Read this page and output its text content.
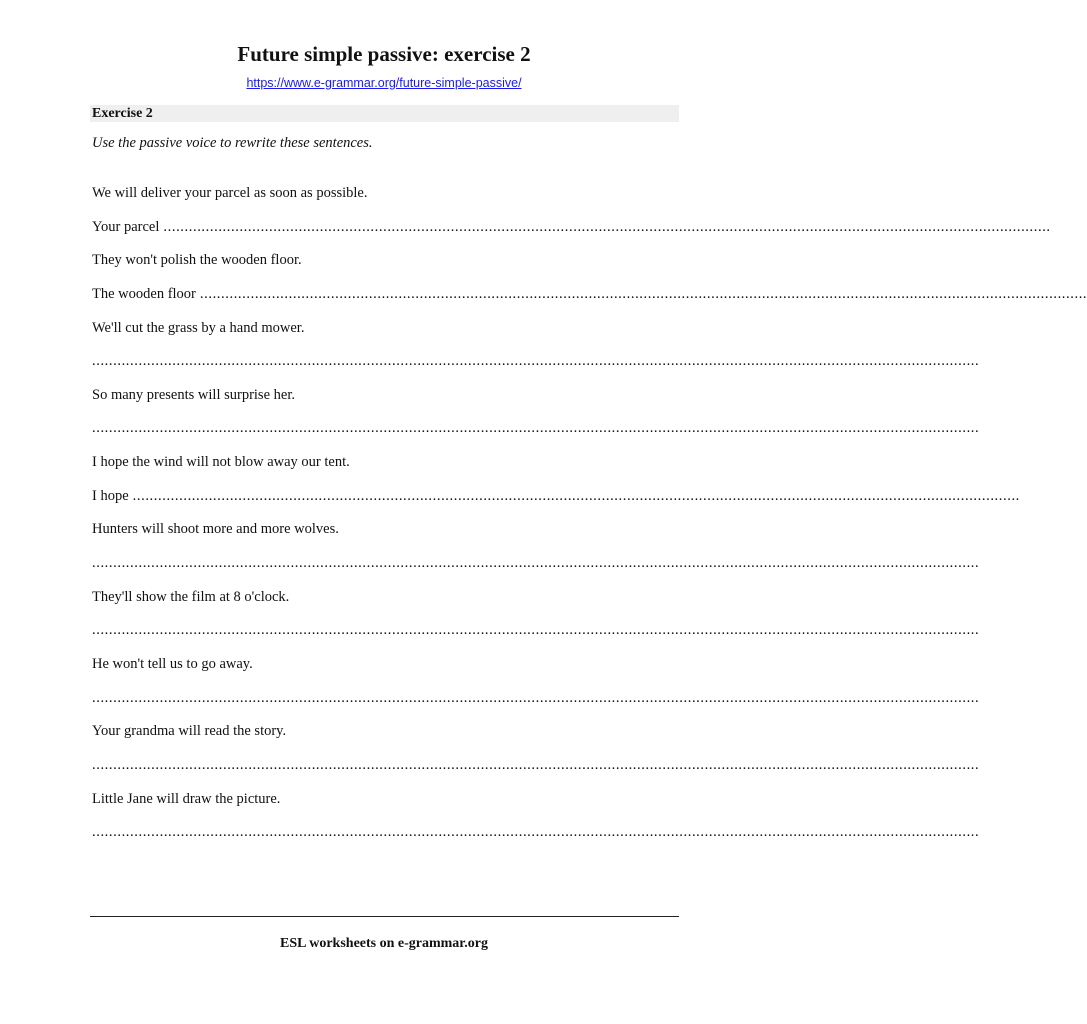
Future simple passive: exercise 2
https://www.e-grammar.org/future-simple-passive/
Exercise 2
Use the passive voice to rewrite these sentences.
We will deliver your parcel as soon as possible.
Your parcel ..................................................................................................................................................................................................................
They won't polish the wooden floor.
The wooden floor ..................................................................................................................................................................................................................
We'll cut the grass by a hand mower.
..................................................................................................................................................................................................................
So many presents will surprise her.
..................................................................................................................................................................................................................
I hope the wind will not blow away our tent.
I hope ..................................................................................................................................................................................................................
Hunters will shoot more and more wolves.
..................................................................................................................................................................................................................
They'll show the film at 8 o'clock.
..................................................................................................................................................................................................................
He won't tell us to go away.
..................................................................................................................................................................................................................
Your grandma will read the story.
..................................................................................................................................................................................................................
Little Jane will draw the picture.
..................................................................................................................................................................................................................
ESL worksheets on e-grammar.org
